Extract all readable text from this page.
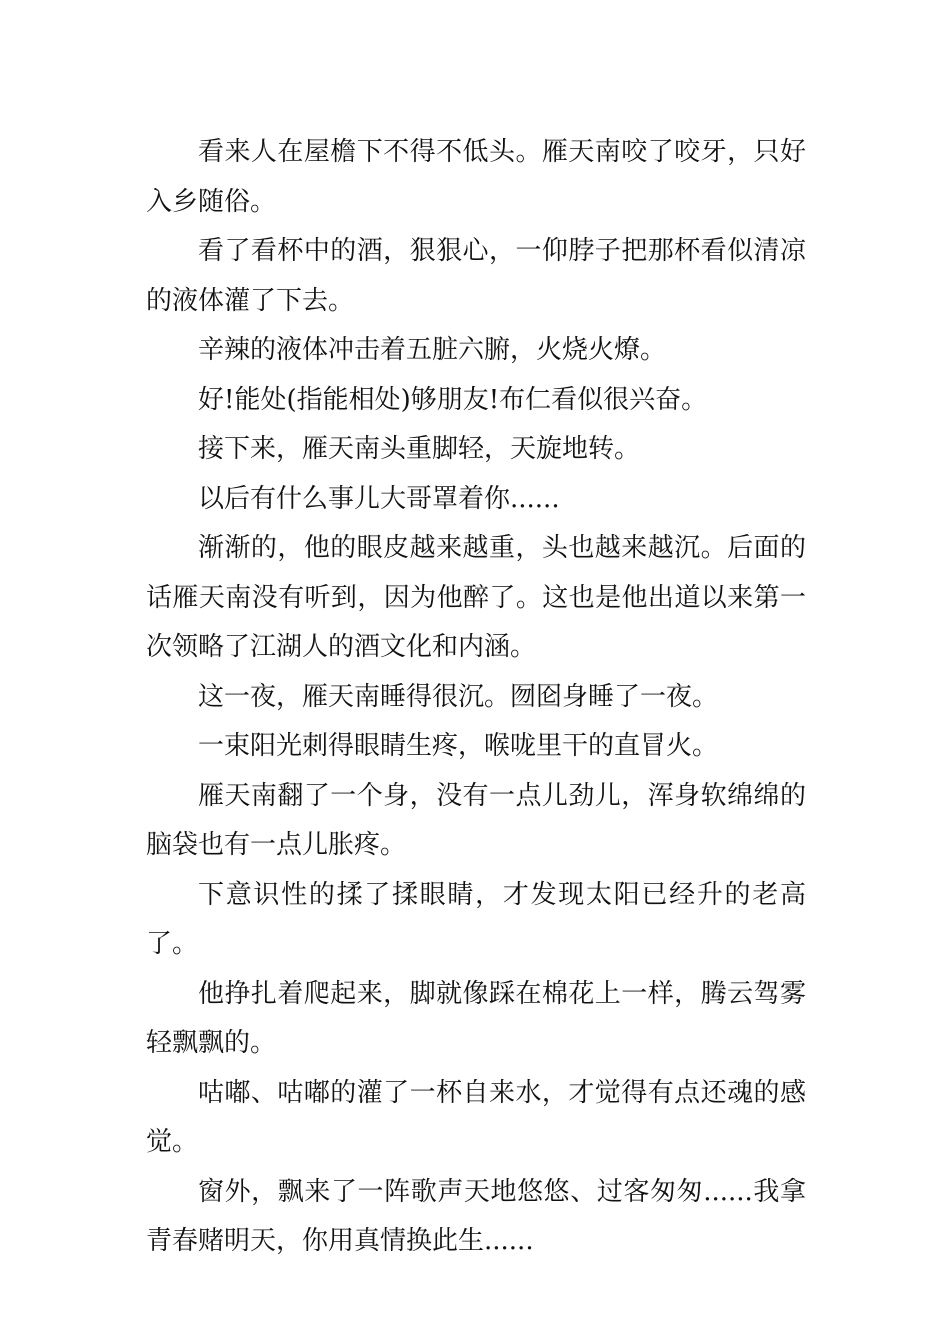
看来人在屋檐下不得不低头。雁天南咬了咬牙，只好入乡随俗。

看了看杯中的酒，狠狠心，一仰脖子把那杯看似清凉的液体灌了下去。

辛辣的液体冲击着五脏六腑，火烧火燎。

好!能处(指能相处)够朋友!布仁看似很兴奋。

接下来，雁天南头重脚轻，天旋地转。

以后有什么事儿大哥罩着你......

渐渐的，他的眼皮越来越重，头也越来越沉。后面的话雁天南没有听到，因为他醉了。这也是他出道以来第一次领略了江湖人的酒文化和内涵。

这一夜，雁天南睡得很沉。囫囵身睡了一夜。

一束阳光刺得眼睛生疼，喉咙里干的直冒火。

雁天南翻了一个身，没有一点儿劲儿，浑身软绵绵的脑袋也有一点儿胀疼。

下意识性的揉了揉眼睛，才发现太阳已经升的老高了。

他挣扎着爬起来，脚就像踩在棉花上一样，腾云驾雾轻飘飘的。

咕嘟、咕嘟的灌了一杯自来水，才觉得有点还魂的感觉。

窗外，飘来了一阵歌声天地悠悠、过客匆匆......我拿青春赌明天，你用真情换此生......
